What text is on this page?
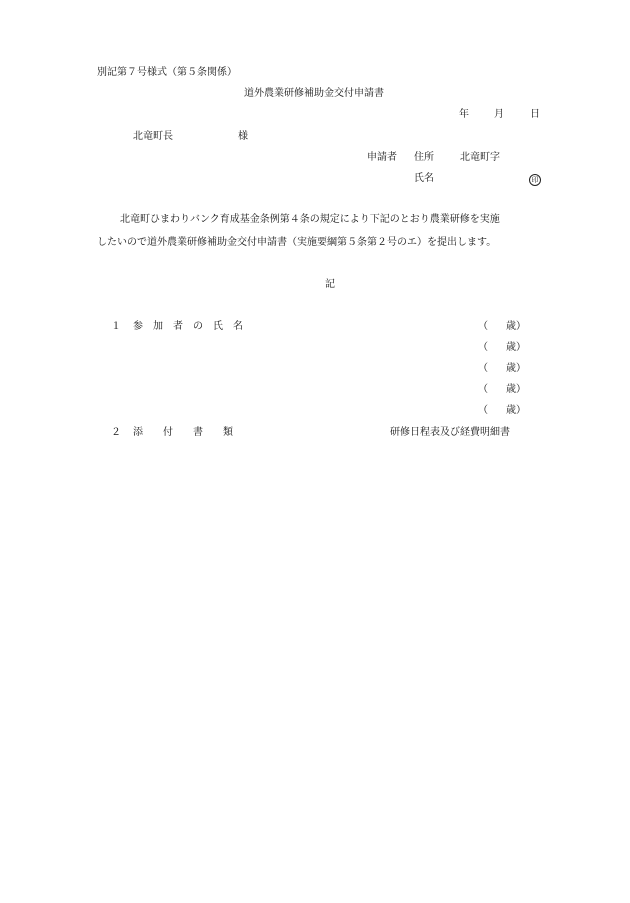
別記第７号様式（第５条関係）
道外農業研修補助金交付申請書
年	月	日
北竜町長	様
申請者 住所	北竜町字
氏名	印
北竜町ひまわりバンク育成基金条例第４条の規定により下記のとおり農業研修を実施
したいので道外農業研修補助金交付申請書（実施要綱第５条第２号のエ）を提出します。
記
１ 参　加　者　の　氏　名	（ 歳）
（ 歳）
（ 歳）
（ 歳）
（ 歳）
２ 添　　付　　書　　類	研修日程表及び経費明細書
